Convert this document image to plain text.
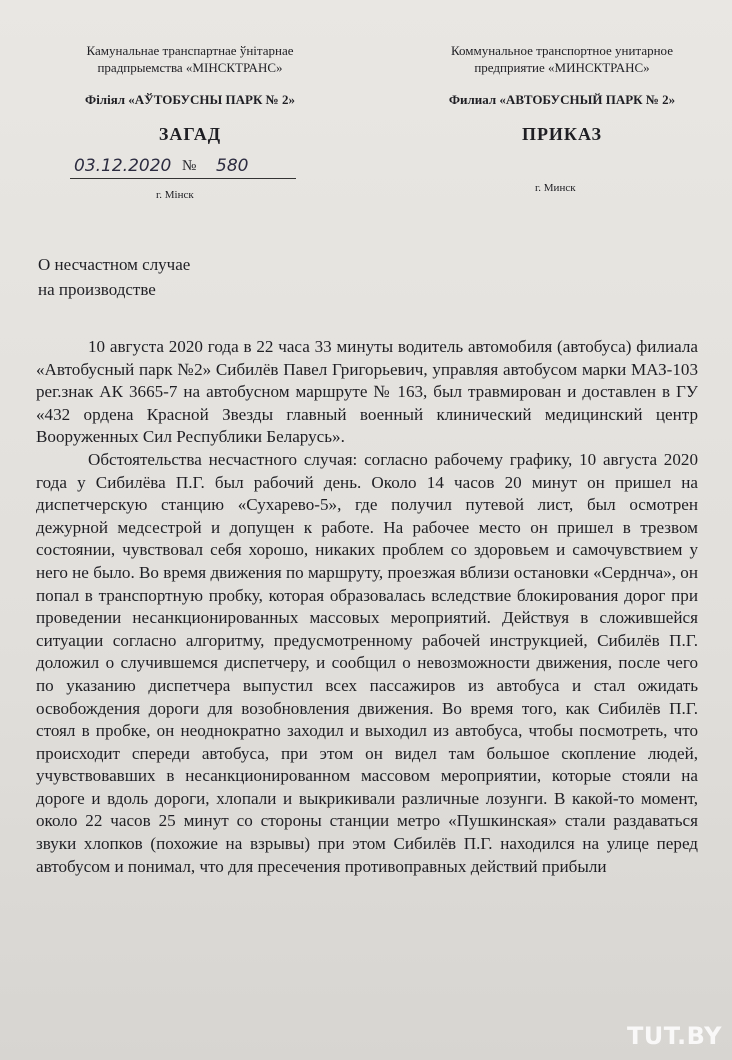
Камунальнае транспартнае ўнітарнае
прадпрыемства «МІНСКТРАНС»
Коммунальное транспортное унитарное
предприятие «МИНСКТРАНС»
Філіял «АЎТОБУСНЫ ПАРК № 2»	Филиал «АВТОБУСНЫЙ ПАРК № 2»
ЗАГАД	ПРИКАЗ
03.12.2020 № 580
г. Мінск
г. Минск
О несчастном случае
на производстве

10 августа 2020 года в 22 часа 33 минуты водитель автомобиля (автобуса) филиала «Автобусный парк №2» Сибилёв Павел Григорьевич, управляя автобусом марки МАЗ-103 рег.знак АК 3665-7 на автобусном маршруте № 163, был травмирован и доставлен в ГУ «432 ордена Красной Звезды главный военный клинический медицинский центр Вооруженных Сил Республики Беларусь».

Обстоятельства несчастного случая: согласно рабочему графику, 10 августа 2020 года у Сибилёва П.Г. был рабочий день. Около 14 часов 20 минут он пришел на диспетчерскую станцию «Сухарево-5», где получил путевой лист, был осмотрен дежурной медсестрой и допущен к работе. На рабочее место он пришел в трезвом состоянии, чувствовал себя хорошо, никаких проблем со здоровьем и самочувствием у него не было. Во время движения по маршруту, проезжая вблизи остановки «Серднча», он попал в транспортную пробку, которая образовалась вследствие блокирования дорог при проведении несанкционированных массовых мероприятий. Действуя в сложившейся ситуации согласно алгоритму, предусмотренному рабочей инструкцией, Сибилёв П.Г. доложил о случившемся диспетчеру, и сообщил о невозможности движения, после чего по указанию диспетчера выпустил всех пассажиров из автобуса и стал ожидать освобождения дороги для возобновления движения. Во время того, как Сибилёв П.Г. стоял в пробке, он неоднократно заходил и выходил из автобуса, чтобы посмотреть, что происходит спереди автобуса, при этом он видел там большое скопление людей, учувствовавших в несанкционированном массовом мероприятии, которые стояли на дороге и вдоль дороги, хлопали и выкрикивали различные лозунги. В какой-то момент, около 22 часов 25 минут со стороны станции метро «Пушкинская» стали раздаваться звуки хлопков (похожие на взрывы) при этом Сибилёв П.Г. находился на улице перед автобусом и понимал, что для пресечения противоправных действий прибыли

TUT.BY
